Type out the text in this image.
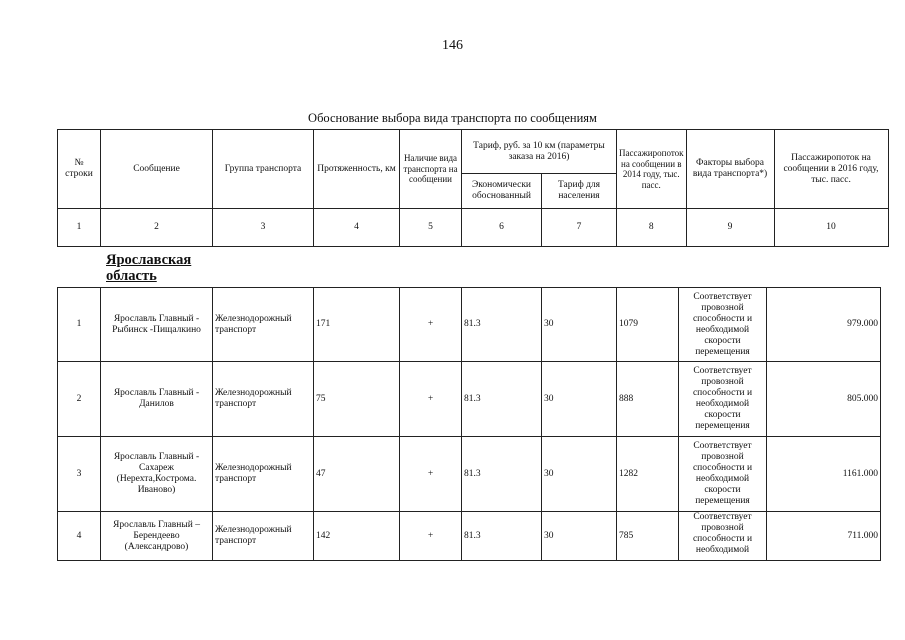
146
Обоснование выбора вида транспорта по сообщениям
№ строки	Сообщение	Группа транспорта	Протяженность, км	Наличие вида транспорта на сообщении	Тариф, руб. за 10 км (параметры заказа на 2016)		Пассажиропоток на сообщении в 2014 году, тыс. пасс.	Факторы выбора вида транспорта*)	Пассажиропоток на сообщении в 2016 году, тыс. пасс.
					Экономически обоснованный	Тариф для населения			
1	2	3	4	5	6	7	8	9	10
Ярославская область
1	Ярославль Главный - Рыбинск -Пищалкино	Железнодорожный транспорт	171	+	81.3	30	1079	Соответствует провозной способности и необходимой скорости перемещения	979.000
2	Ярославль Главный - Данилов	Железнодорожный транспорт	75	+	81.3	30	888	Соответствует провозной способности и необходимой скорости перемещения	805.000
3	Ярославль Главный - Сахареж (Нерехта,Кострома. Иваново)	Железнодорожный транспорт	47	+	81.3	30	1282	Соответствует провозной способности и необходимой скорости перемещения	1161.000
4	Ярославль Главный – Берендеево (Александрово)	Железнодорожный транспорт	142	+	81.3	30	785	Соответствует провозной способности и необходимой	711.000
